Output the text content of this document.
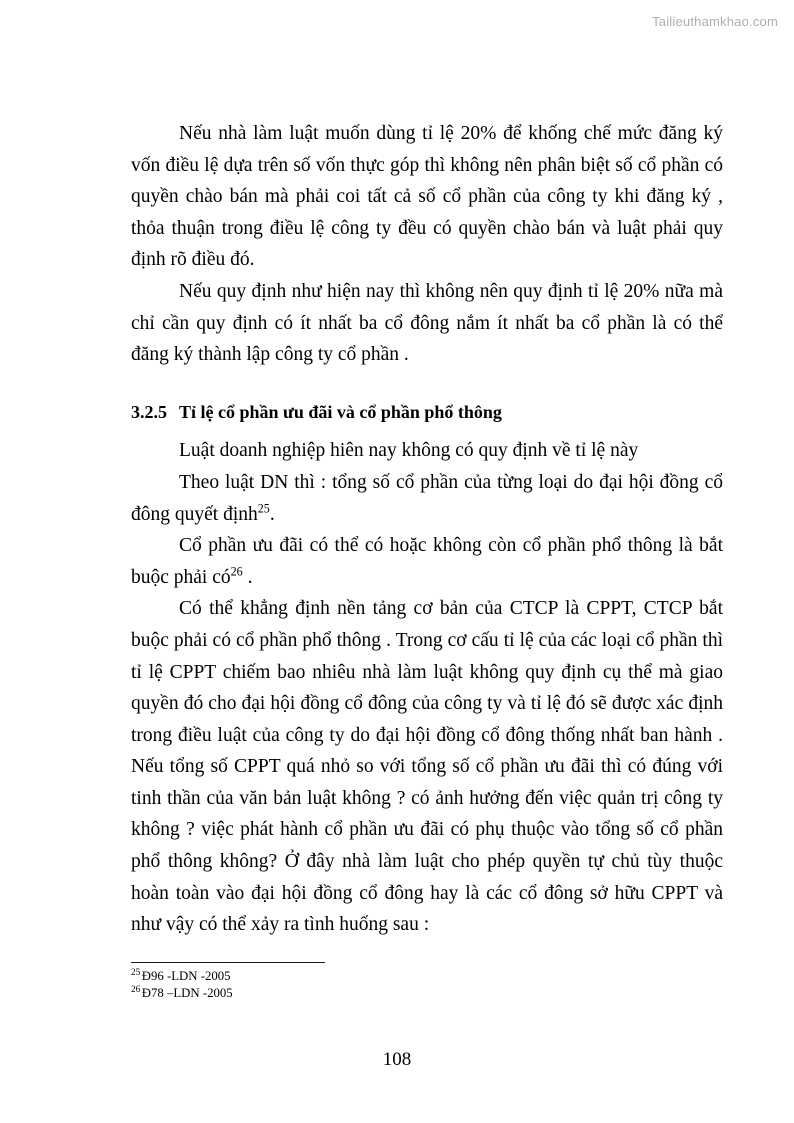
Tailieuthamkhao.com

Nếu nhà làm luật muốn dùng tỉ lệ 20% để khống chế mức đăng ký vốn điều lệ dựa trên số vốn thực góp thì không nên phân biệt số cổ phần có quyền chào bán mà phải coi tất cả số cổ phần của công ty khi đăng ký , thỏa thuận trong điều lệ công ty đều có quyền chào bán và luật phải quy định rõ điều đó.

Nếu quy định như hiện nay thì không nên quy định tỉ lệ 20% nữa mà chỉ cần quy định có ít nhất ba cổ đông nắm ít nhất ba cổ phần là có thể đăng ký thành lập công ty cổ phần .

3.2.5 Tỉ lệ cổ phần ưu đãi và cổ phần phổ thông

Luật doanh nghiệp hiên nay không có quy định về tỉ lệ này

Theo luật DN thì : tổng số cổ phần của từng loại do đại hội đồng cổ đông quyết định$^{25}$.

Cổ phần ưu đãi có thể có hoặc không còn cổ phần phổ thông là bắt buộc phải có$^{26}$ .

Có thể khẳng định nền tảng cơ bản của CTCP là CPPT, CTCP bắt buộc phải có cổ phần phổ thông . Trong cơ cấu tỉ lệ của các loại cổ phần thì tỉ lệ CPPT chiếm bao nhiêu nhà làm luật không quy định cụ thể mà giao quyền đó cho đại hội đồng cổ đông của công ty và tỉ lệ đó sẽ được xác định trong điều luật của công ty do đại hội đồng cổ đông thống nhất ban hành . Nếu tổng số CPPT quá nhỏ so với tổng số cổ phần ưu đãi thì có đúng với tinh thần của văn bản luật không ? có ảnh hưởng đến việc quản trị công ty không ? việc phát hành cổ phần ưu đãi có phụ thuộc vào tổng số cổ phần phổ thông không? Ở đây nhà làm luật cho phép quyền tự chủ tùy thuộc hoàn toàn vào đại hội đồng cổ đông hay là các cổ đông sở hữu CPPT và như vậy có thể xảy ra tình huống sau :

$^{25}$ Đ96 -LDN -2005

$^{26}$ Đ78 –LDN -2005

108
